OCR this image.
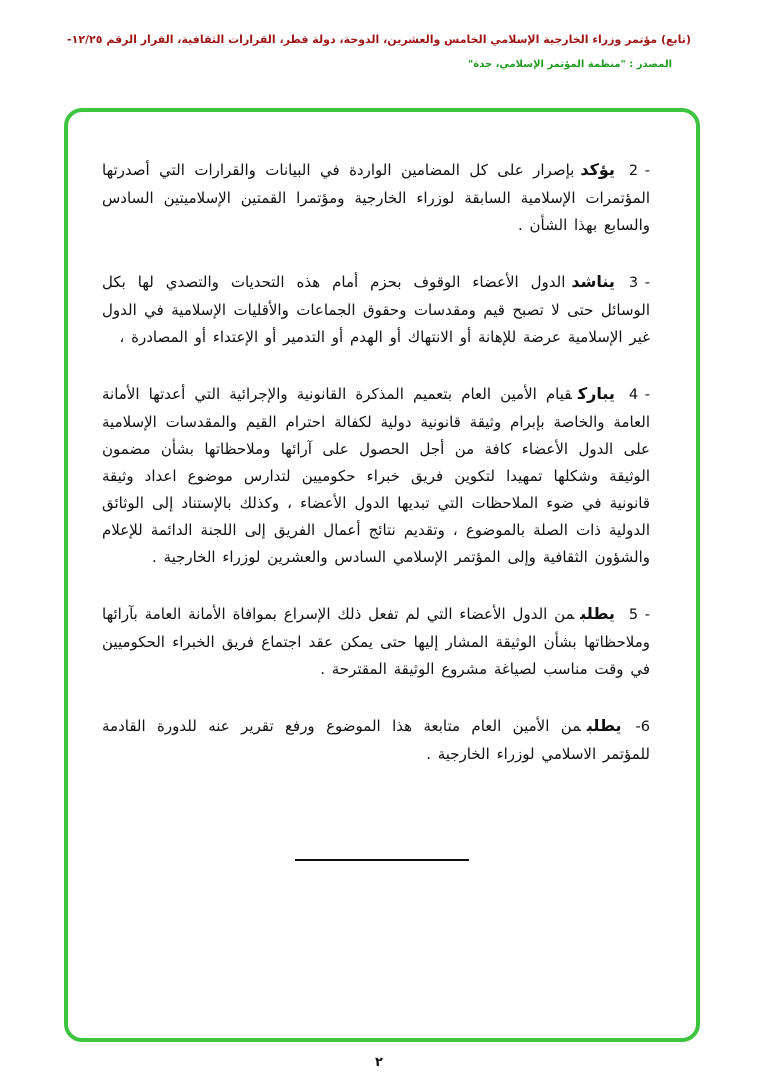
(تابع) مؤتمر وزراء الخارجية الإسلامي الخامس والعشرين، الدوحة، دولة قطر، القرارات الثقافية، القرار الرقم ١٢/٢٥-
المصدر : "منظمة المؤتمر الإسلامي، جدة"

2 -يؤكدبإصرار على كل المضامين الواردة في البيانات والقرارات التي أصدرتها المؤتمرات الإسلامية السابقة لوزراء الخارجية ومؤتمرا القمتين الإسلاميتين السادس والسابع بهذا الشأن .

3 -يناشدالدول الأعضاء الوقوف بحزم أمام هذه التحديات والتصدي لها بكل الوسائل حتى لا تصبح قيم ومقدسات وحقوق الجماعات والأقليات الإسلامية في الدول غير الإسلامية عرضة للإهانة أو الانتهاك أو الهدم أو التدمير أو الإعتداء أو المصادرة ،

4 -يباركقيام الأمين العام بتعميم المذكرة القانونية والإجرائية التي أعدتها الأمانة العامة والخاصة بإبرام وثيقة قانونية دولية لكفالة احترام القيم والمقدسات الإسلامية على الدول الأعضاء كافة من أجل الحصول على آرائها وملاحظاتها بشأن مضمون الوثيقة وشكلها تمهيدا لتكوين فريق خبراء حكوميين لتدارس موضوع اعداد وثيقة قانونية في ضوء الملاحظات التي تبديها الدول الأعضاء ، وكذلك بالإستناد إلى الوثائق الدولية ذات الصلة بالموضوع ، وتقديم نتائج أعمال الفريق إلى اللجنة الدائمة للإعلام والشؤون الثقافية وإلى المؤتمر الإسلامي السادس والعشرين لوزراء الخارجية .

5 -يطلبمن الدول الأعضاء التي لم تفعل ذلك الإسراع بموافاة الأمانة العامة بآرائها وملاحظاتها بشأن الوثيقة المشار إليها حتى يمكن عقد اجتماع فريق الخبراء الحكوميين في وقت مناسب لصياغة مشروع الوثيقة المقترحة .

-6يطلبمن الأمين العام متابعة هذا الموضوع ورفع تقرير عنه للدورة القادمة للمؤتمر الاسلامي لوزراء الخارجية .

٢
